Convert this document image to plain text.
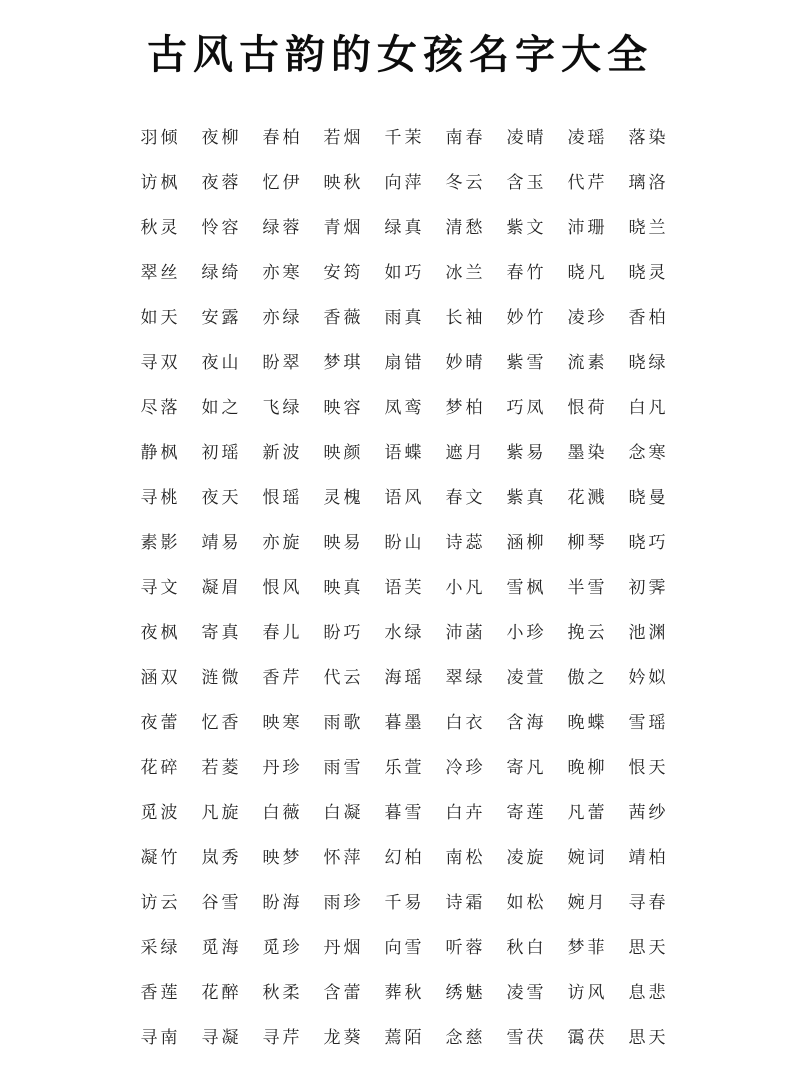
古风古韵的女孩名字大全
羽倾	夜柳	春柏	若烟	千茉	南春	凌晴	凌瑶	落染
访枫	夜蓉	忆伊	映秋	向萍	冬云	含玉	代芹	璃洛
秋灵	怜容	绿蓉	青烟	绿真	清愁	紫文	沛珊	晓兰
翠丝	绿绮	亦寒	安筠	如巧	冰兰	春竹	晓凡	晓灵
如天	安露	亦绿	香薇	雨真	长袖	妙竹	凌珍	香柏
寻双	夜山	盼翠	梦琪	扇错	妙晴	紫雪	流素	晓绿
尽落	如之	飞绿	映容	凤鸾	梦柏	巧凤	恨荷	白凡
静枫	初瑶	新波	映颜	语蝶	遮月	紫易	墨染	念寒
寻桃	夜天	恨瑶	灵槐	语风	春文	紫真	花溅	晓曼
素影	靖易	亦旋	映易	盼山	诗蕊	涵柳	柳琴	晓巧
寻文	凝眉	恨风	映真	语芙	小凡	雪枫	半雪	初霁
夜枫	寄真	春儿	盼巧	水绿	沛菡	小珍	挽云	池渊
涵双	涟微	香芹	代云	海瑶	翠绿	凌萱	傲之	妗姒
夜蕾	忆香	映寒	雨歌	暮墨	白衣	含海	晚蝶	雪瑶
花碎	若菱	丹珍	雨雪	乐萱	冷珍	寄凡	晚柳	恨天
觅波	凡旋	白薇	白凝	暮雪	白卉	寄莲	凡蕾	茜纱
凝竹	岚秀	映梦	怀萍	幻柏	南松	凌旋	婉词	靖柏
访云	谷雪	盼海	雨珍	千易	诗霜	如松	婉月	寻春
采绿	觅海	觅珍	丹烟	向雪	听蓉	秋白	梦菲	思天
香莲	花醉	秋柔	含蕾	葬秋	绣魅	凌雪	访风	息悲
寻南	寻凝	寻芹	龙葵	蔫陌	念慈	雪茯	霭茯	思天
